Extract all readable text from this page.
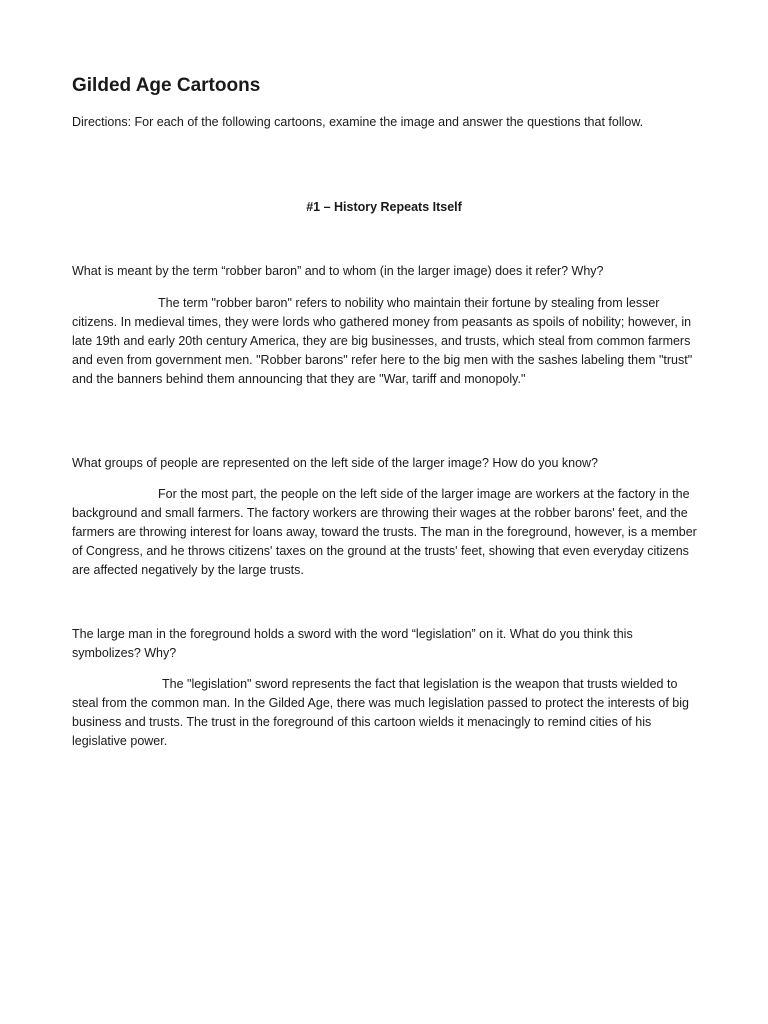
Gilded Age Cartoons

Directions: For each of the following cartoons, examine the image and answer the questions that follow.

#1 – History Repeats Itself

What is meant by the term “robber baron” and to whom (in the larger image) does it refer? Why?

The term "robber baron" refers to nobility who maintain their fortune by stealing from lesser citizens. In medieval times, they were lords who gathered money from peasants as spoils of nobility; however, in late 19th and early 20th century America, they are big businesses, and trusts, which steal from common farmers and even from government men. "Robber barons" refer here to the big men with the sashes labeling them "trust" and the banners behind them announcing that they are "War, tariff and monopoly."

What groups of people are represented on the left side of the larger image? How do you know?

For the most part, the people on the left side of the larger image are workers at the factory in the background and small farmers. The factory workers are throwing their wages at the robber barons' feet, and the farmers are throwing interest for loans away, toward the trusts. The man in the foreground, however, is a member of Congress, and he throws citizens' taxes on the ground at the trusts' feet, showing that even everyday citizens are affected negatively by the large trusts.

The large man in the foreground holds a sword with the word “legislation” on it. What do you think this symbolizes? Why?

The "legislation" sword represents the fact that legislation is the weapon that trusts wielded to steal from the common man. In the Gilded Age, there was much legislation passed to protect the interests of big business and trusts. The trust in the foreground of this cartoon wields it menacingly to remind cities of his legislative power.
